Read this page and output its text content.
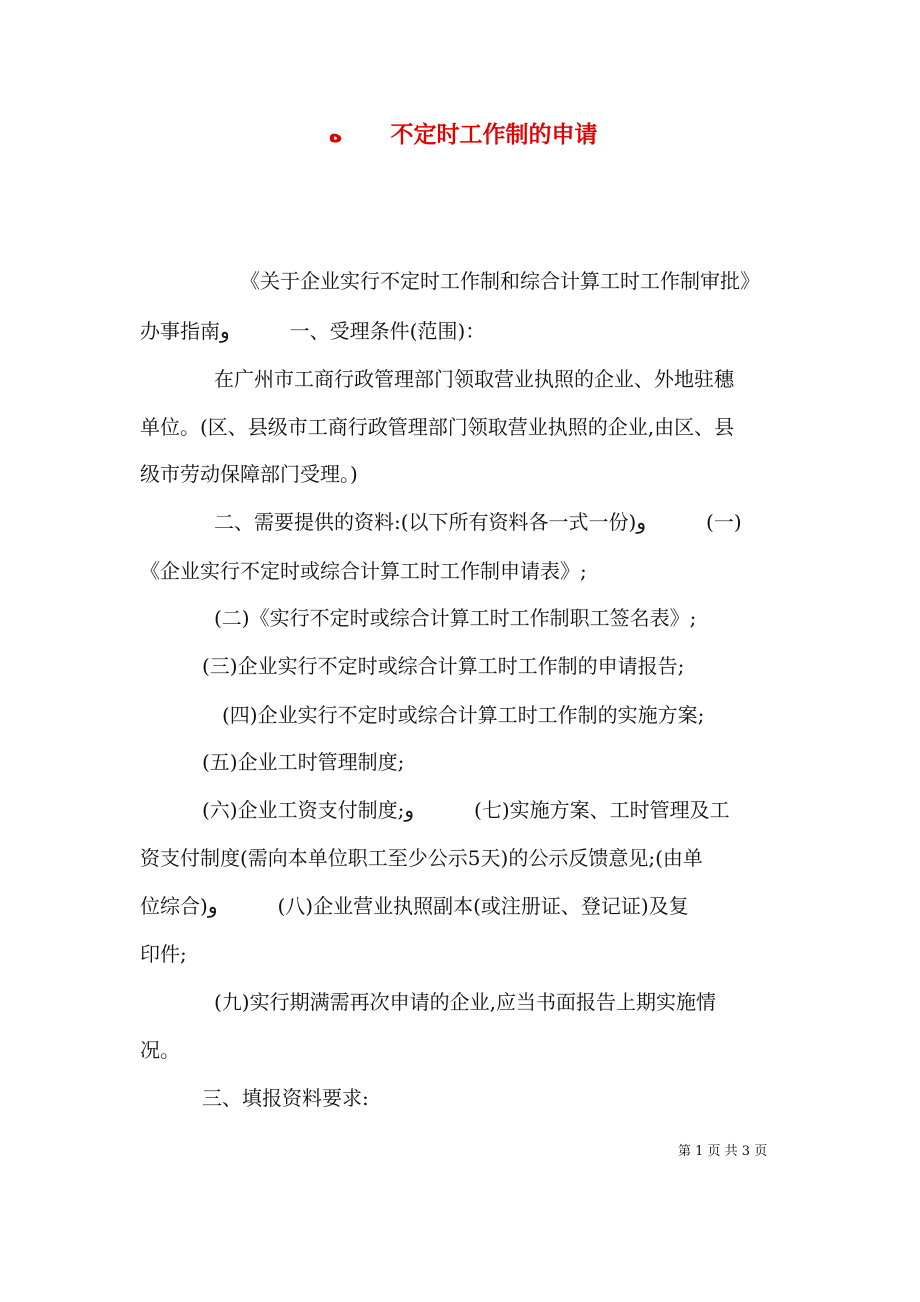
ه 不定时工作制的申请
《关于企业实行不定时工作制和综合计算工时工作制审批》
办事指南و　　　一、受理条件(范围)：
在广州市工商行政管理部门领取营业执照的企业、外地驻穗
单位。(区、县级市工商行政管理部门领取营业执照的企业,由区、县
级市劳动保障部门受理。)
二、需要提供的资料:(以下所有资料各一式一份)و　　　(一)
《企业实行不定时或综合计算工时工作制申请表》;
(二)《实行不定时或综合计算工时工作制职工签名表》;
(三)企业实行不定时或综合计算工时工作制的申请报告;
(四)企业实行不定时或综合计算工时工作制的实施方案;
(五)企业工时管理制度;
(六)企业工资支付制度;و　　　(七)实施方案、工时管理及工
资支付制度(需向本单位职工至少公示5天)的公示反馈意见;(由单
位综合)و　　　(八)企业营业执照副本(或注册证、登记证)及复
印件;
(九)实行期满需再次申请的企业,应当书面报告上期实施情
况。
三、填报资料要求:
第 1 页 共 3 页
